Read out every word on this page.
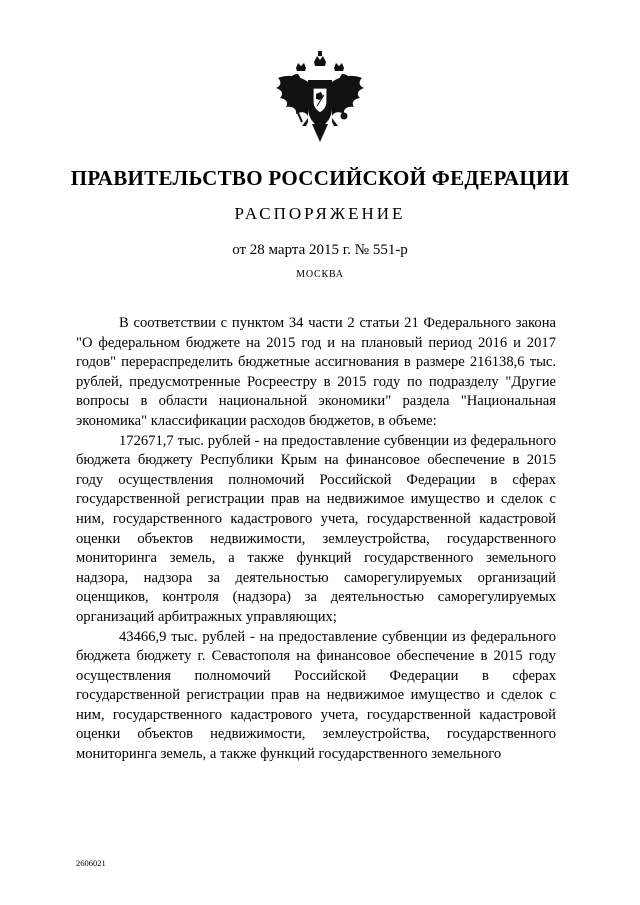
ПРАВИТЕЛЬСТВО РОССИЙСКОЙ ФЕДЕРАЦИИ
РАСПОРЯЖЕНИЕ
от 28 марта 2015 г. № 551-р
МОСКВА

В соответствии с пунктом 34 части 2 статьи 21 Федерального закона "О федеральном бюджете на 2015 год и на плановый период 2016 и 2017 годов" перераспределить бюджетные ассигнования в размере 216138,6 тыс. рублей, предусмотренные Росреестру в 2015 году по подразделу "Другие вопросы в области национальной экономики" раздела "Национальная экономика" классификации расходов бюджетов, в объеме:

172671,7 тыс. рублей - на предоставление субвенции из федерального бюджета бюджету Республики Крым на финансовое обеспечение в 2015 году осуществления полномочий Российской Федерации в сферах государственной регистрации прав на недвижимое имущество и сделок с ним, государственного кадастрового учета, государственной кадастровой оценки объектов недвижимости, землеустройства, государственного мониторинга земель, а также функций государственного земельного надзора, надзора за деятельностью саморегулируемых организаций оценщиков, контроля (надзора) за деятельностью саморегулируемых организаций арбитражных управляющих;

43466,9 тыс. рублей - на предоставление субвенции из федерального бюджета бюджету г. Севастополя на финансовое обеспечение в 2015 году осуществления полномочий Российской Федерации в сферах государственной регистрации прав на недвижимое имущество и сделок с ним, государственного кадастрового учета, государственной кадастровой оценки объектов недвижимости, землеустройства, государственного мониторинга земель, а также функций государственного земельного

2606021
